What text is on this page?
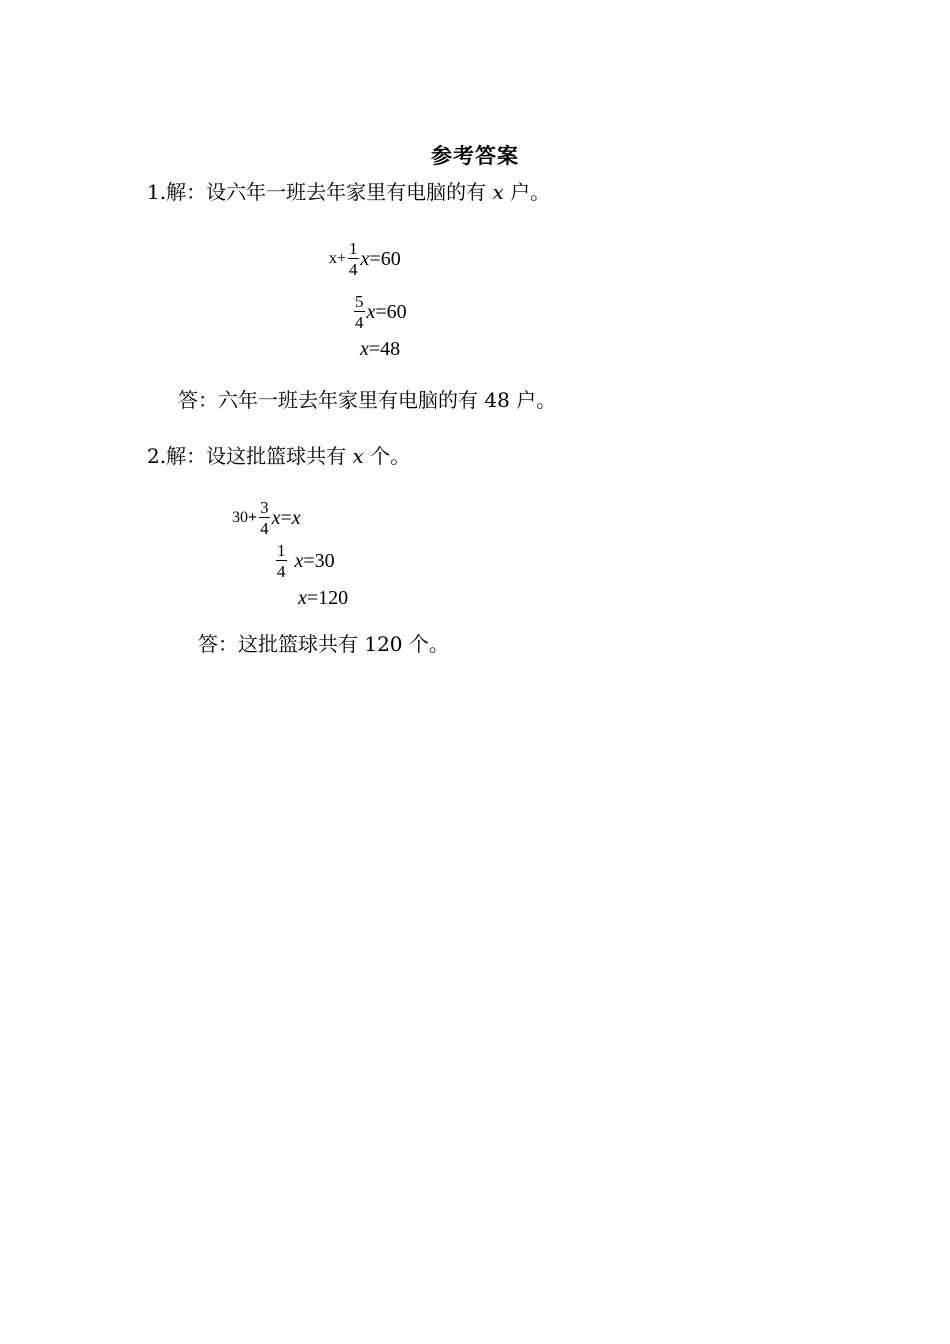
参考答案
1.解：设六年一班去年家里有电脑的有 x 户。
$x + \frac{1}{4}$ x =60
$\frac{5}{4}$ x =60
x =48
答：六年一班去年家里有电脑的有 48 户。
2.解：设这批篮球共有 x 个。
$30 + \frac{3}{4}$ x = x
$\frac{1}{4}$ x =30
x =120
答：这批篮球共有 120 个。
